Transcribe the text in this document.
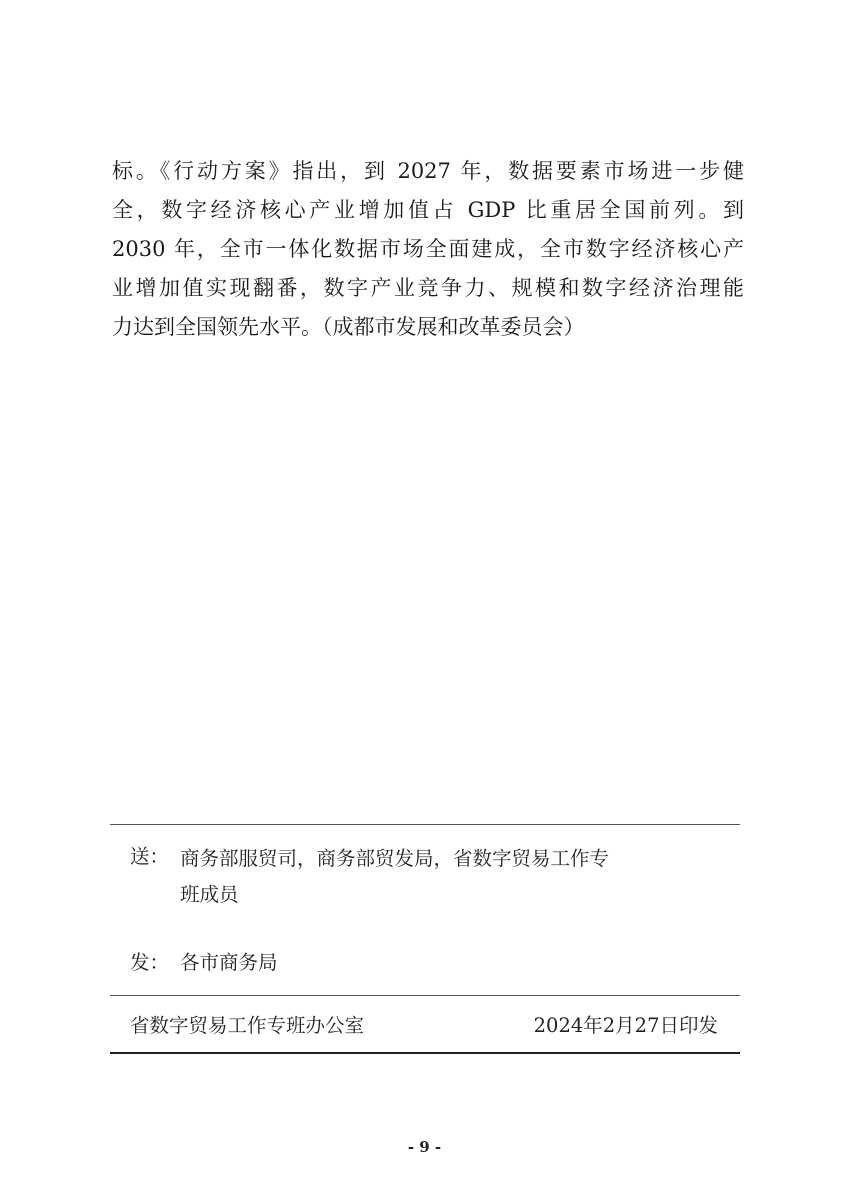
标。《行动方案》指出，到 2027 年，数据要素市场进一步健
全，数字经济核心产业增加值占 GDP 比重居全国前列。到
2030 年，全市一体化数据市场全面建成，全市数字经济核心产
业增加值实现翻番，数字产业竞争力、规模和数字经济治理能
力达到全国领先水平。（成都市发展和改革委员会）
送： 商务部服贸司，商务部贸发局，省数字贸易工作专
班成员
发： 各市商务局
省数字贸易工作专班办公室	2024年2月27日印发
- 9 -
